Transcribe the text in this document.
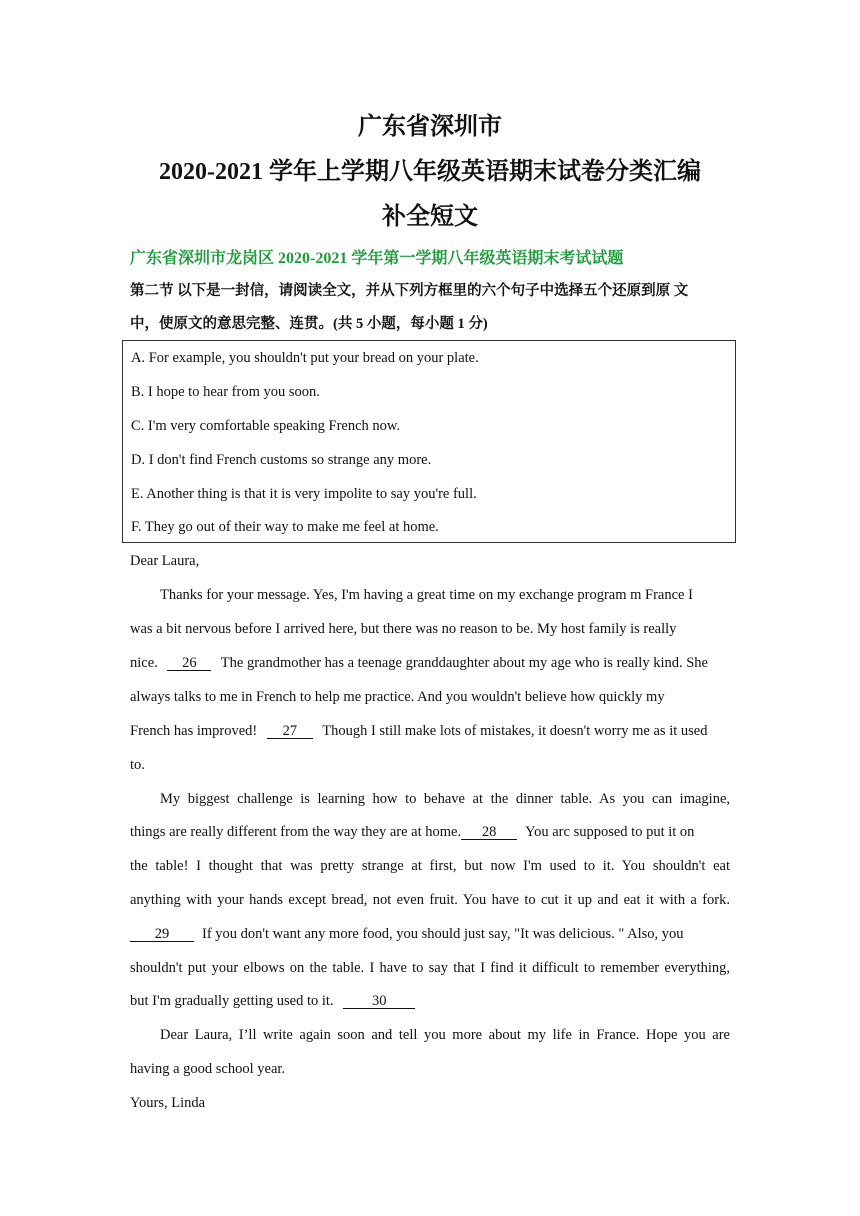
广东省深圳市
2020-2021 学年上学期八年级英语期末试卷分类汇编
补全短文
广东省深圳市龙岗区 2020-2021 学年第一学期八年级英语期末考试试题
第二节 以下是一封信，请阅读全文，并从下列方框里的六个句子中选择五个还原到原 文
中，使原文的意思完整、连贯。(共 5 小题，每小题 1 分)
A. For example, you shouldn't put your bread on your plate.
B. I hope to hear from you soon.
C. I'm very comfortable speaking French now.
D. I don't find French customs so strange any more.
E. Another thing is that it is very impolite to say you're full.
F. They go out of their way to make me feel at home.
Dear Laura,
Thanks for your message. Yes, I'm having a great time on my exchange program m France I
was a bit nervous before I arrived here, but there was no reason to be. My host family is really
nice. 26 The grandmother has a teenage granddaughter about my age who is really kind. She
always talks to me in French to help me practice. And you wouldn't believe how quickly my
French has improved! 27 Though I still make lots of mistakes, it doesn't worry me as it used
to.
My biggest challenge is learning how to behave at the dinner table. As you can imagine,
things are really different from the way they are at home. 28 You arc supposed to put it on
the table! I thought that was pretty strange at first, but now I'm used to it. You shouldn't eat
anything with your hands except bread, not even fruit. You have to cut it up and eat it with a fork.
29 If you don't want any more food, you should just say, "It was delicious. " Also, you
shouldn't put your elbows on the table. I have to say that I find it difficult to remember everything,
but I'm gradually getting used to it.	30
Dear Laura, I’ll write again soon and tell you more about my life in France. Hope you are
having a good school year.
Yours, Linda
